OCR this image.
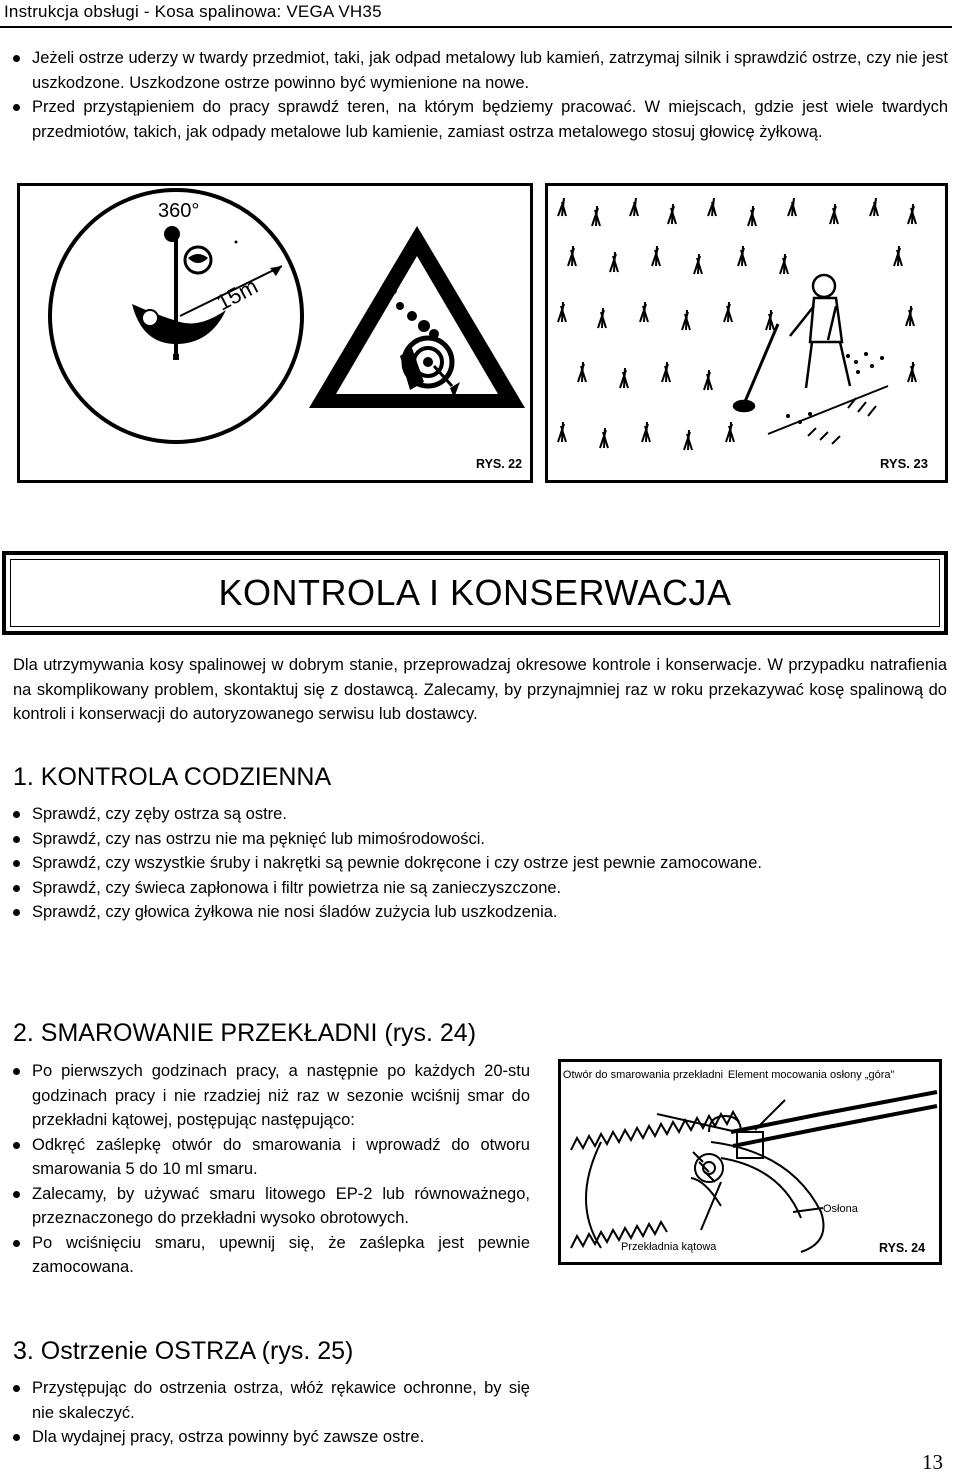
Instrukcja obsługi - Kosa spalinowa: VEGA VH35
Jeżeli ostrze uderzy w twardy przedmiot, taki, jak odpad metalowy lub kamień, zatrzymaj silnik i sprawdzić ostrze, czy nie jest uszkodzone. Uszkodzone ostrze powinno być wymienione na nowe.
Przed przystąpieniem do pracy sprawdź teren, na którym będziemy pracować. W miejscach, gdzie jest wiele twardych przedmiotów, takich, jak odpady metalowe lub kamienie, zamiast ostrza metalowego stosuj głowicę żyłkową.
360°
15m
RYS. 22	RYS. 23
KONTROLA I KONSERWACJA

Dla utrzymywania kosy spalinowej w dobrym stanie, przeprowadzaj okresowe kontrole i konserwacje. W przypadku natrafienia na skomplikowany problem, skontaktuj się z dostawcą. Zalecamy, by przynajmniej raz w roku przekazywać kosę spalinową do kontroli i konserwacji do autoryzowanego serwisu lub dostawcy.

1. KONTROLA CODZIENNA
Sprawdź, czy zęby ostrza są ostre.
Sprawdź, czy nas ostrzu nie ma pęknięć lub mimośrodowości.
Sprawdź, czy wszystkie śruby i nakrętki są pewnie dokręcone i czy ostrze jest pewnie zamocowane.
Sprawdź, czy świeca zapłonowa i filtr powietrza nie są zanieczyszczone.
Sprawdź, czy głowica żyłkowa nie nosi śladów zużycia lub uszkodzenia.
2. SMAROWANIE PRZEKŁADNI (rys. 24)
Po pierwszych godzinach pracy, a następnie po każdych 20-stu godzinach pracy i nie rzadziej niż raz w sezonie wciśnij smar do przekładni kątowej, postępując następująco:
Odkręć zaślepkę otwór do smarowania i wprowadź do otworu smarowania 5 do 10 ml smaru.
Zalecamy, by używać smaru litowego EP-2 lub równoważnego, przeznaczonego do przekładni wysoko obrotowych.
Po wciśnięciu smaru, upewnij się, że zaślepka jest pewnie zamocowana.
Otwór do smarowania przekładni Element mocowania osłony „góra”
Osłona
Przekładnia kątowa	RYS. 24
3. Ostrzenie OSTRZA (rys. 25)
Przystępując do ostrzenia ostrza, włóż rękawice ochronne, by się nie skaleczyć.
Dla wydajnej pracy, ostrza powinny być zawsze ostre.
13
